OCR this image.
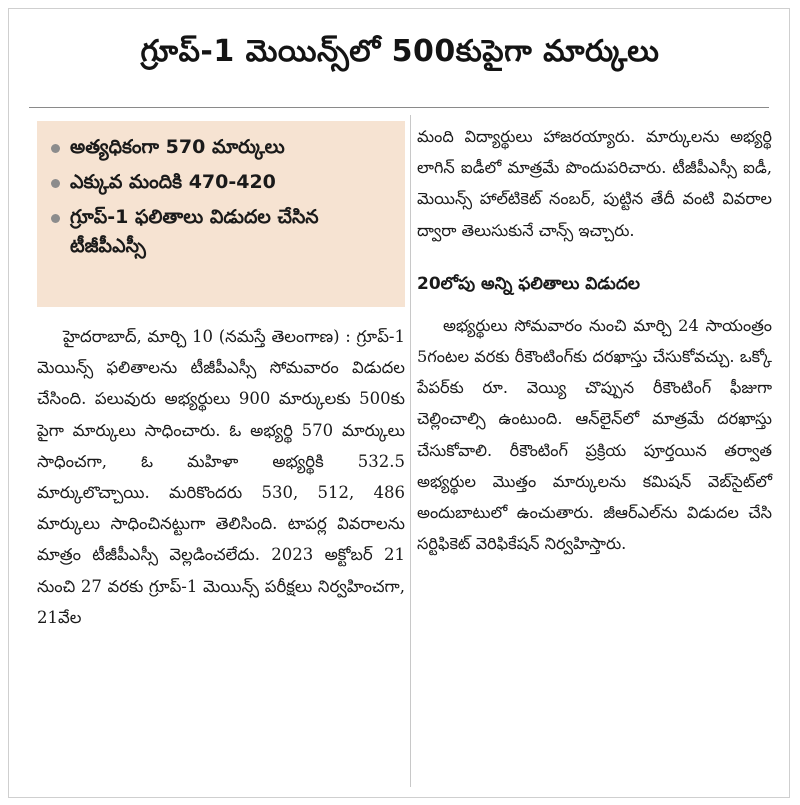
గ్రూప్-1 మెయిన్స్‌లో 500కుపైగా మార్కులు
అత్యధికంగా 570 మార్కులు
ఎక్కువ మందికి 470-420
గ్రూప్-1 ఫలితాలు విడుదల చేసిన టీజీపీఎస్సీ

హైదరాబాద్, మార్చి 10 (నమస్తే తెలంగాణ) : గ్రూప్-1 మెయిన్స్ ఫలితాలను టీజీపీఎస్సీ సోమవారం విడుదల చేసింది. పలువురు అభ్యర్థులు 900 మార్కులకు 500కు పైగా మార్కులు సాధించారు. ఓ అభ్యర్థి 570 మార్కులు సాధించగా, ఓ మహిళా అభ్యర్థికి 532.5 మార్కులొచ్చాయి. మరికొందరు 530, 512, 486 మార్కులు సాధించినట్టుగా తెలిసింది. టాపర్ల వివరాలను మాత్రం టీజీపీఎస్సీ వెల్లడించలేదు. 2023 అక్టోబర్ 21 నుంచి 27 వరకు గ్రూప్-1 మెయిన్స్ పరీక్షలు నిర్వహించగా, 21వేల

మంది విద్యార్థులు హాజరయ్యారు. మార్కులను అభ్యర్థి లాగిన్ ఐడీలో మాత్రమే పొందుపరిచారు. టీజీపీఎస్సీ ఐడీ, మెయిన్స్ హాల్‌టికెట్ నంబర్, పుట్టిన తేదీ వంటి వివరాల ద్వారా తెలుసుకునే చాన్స్ ఇచ్చారు.

20లోపు అన్ని ఫలితాలు విడుదల

అభ్యర్థులు సోమవారం నుంచి మార్చి 24 సాయంత్రం 5గంటల వరకు రీకౌంటింగ్‌కు దరఖాస్తు చేసుకోవచ్చు. ఒక్కో పేపర్‌కు రూ. వెయ్యి చొప్పున రీకౌంటింగ్ ఫీజుగా చెల్లించాల్సి ఉంటుంది. ఆన్‌లైన్‌లో మాత్రమే దరఖాస్తు చేసుకోవాలి. రీకౌంటింగ్ ప్రక్రియ పూర్తయిన తర్వాత అభ్యర్థుల మొత్తం మార్కులను కమిషన్ వెబ్‌సైట్‌లో అందుబాటులో ఉంచుతారు. జీఆర్‌ఎల్‌ను విడుదల చేసి సర్టిఫికెట్ వెరిఫికేషన్ నిర్వహిస్తారు.
